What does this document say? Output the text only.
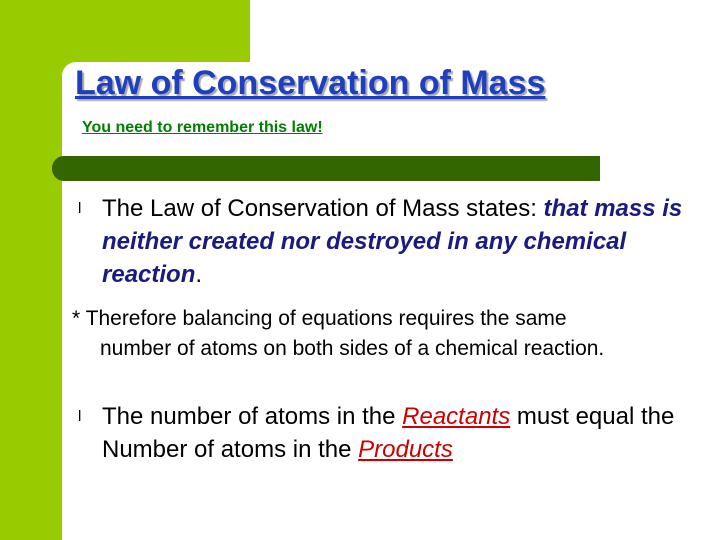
Law of Conservation of Mass

You need to remember this law!

l The Law of Conservation of Mass states: that mass is neither created nor destroyed in any chemical reaction.

* Therefore balancing of equations requires the same
number of atoms on both sides of a chemical reaction.

l The number of atoms in the Reactants must equal the Number of atoms in the Products
